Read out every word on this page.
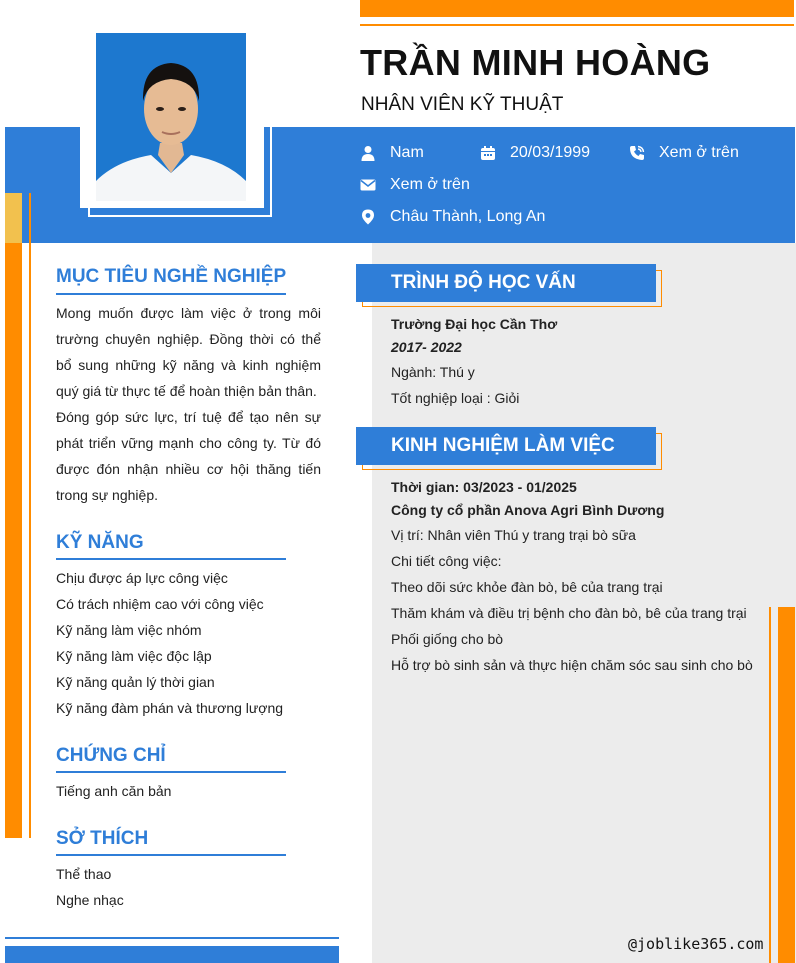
TRẦN MINH HOÀNG
NHÂN VIÊN KỸ THUẬT
Nam	20/03/1999	Xem ở trên
Xem ở trên
Châu Thành, Long An
MỤC TIÊU NGHỀ NGHIỆP
Mong muốn được làm việc ở trong môi trường chuyên nghiệp. Đồng thời có thể bổ sung những kỹ năng và kinh nghiệm quý giá từ thực tế để hoàn thiện bản thân.
Đóng góp sức lực, trí tuệ để tạo nên sự phát triển vững mạnh cho công ty. Từ đó được đón nhận nhiều cơ hội thăng tiến trong sự nghiệp.
KỸ NĂNG
Chịu được áp lực công việc
Có trách nhiệm cao với công việc
Kỹ năng làm việc nhóm
Kỹ năng làm việc độc lập
Kỹ năng quản lý thời gian
Kỹ năng đàm phán và thương lượng
CHỨNG CHỈ
Tiếng anh căn bản
SỞ THÍCH
Thể thao
Nghe nhạc
TRÌNH ĐỘ HỌC VẤN
Trường Đại học Cần Thơ
2017- 2022
Ngành: Thú y
Tốt nghiệp loại : Giỏi
KINH NGHIỆM LÀM VIỆC
Thời gian: 03/2023 - 01/2025
Công ty cổ phần Anova Agri Bình Dương
Vị trí: Nhân viên Thú y trang trại bò sữa
Chi tiết công việc:
Theo dõi sức khỏe đàn bò, bê của trang trại
Thăm khám và điều trị bệnh cho đàn bò, bê của trang trại
Phối giống cho bò
Hỗ trợ bò sinh sản và thực hiện chăm sóc sau sinh cho bò
@joblike365.com
